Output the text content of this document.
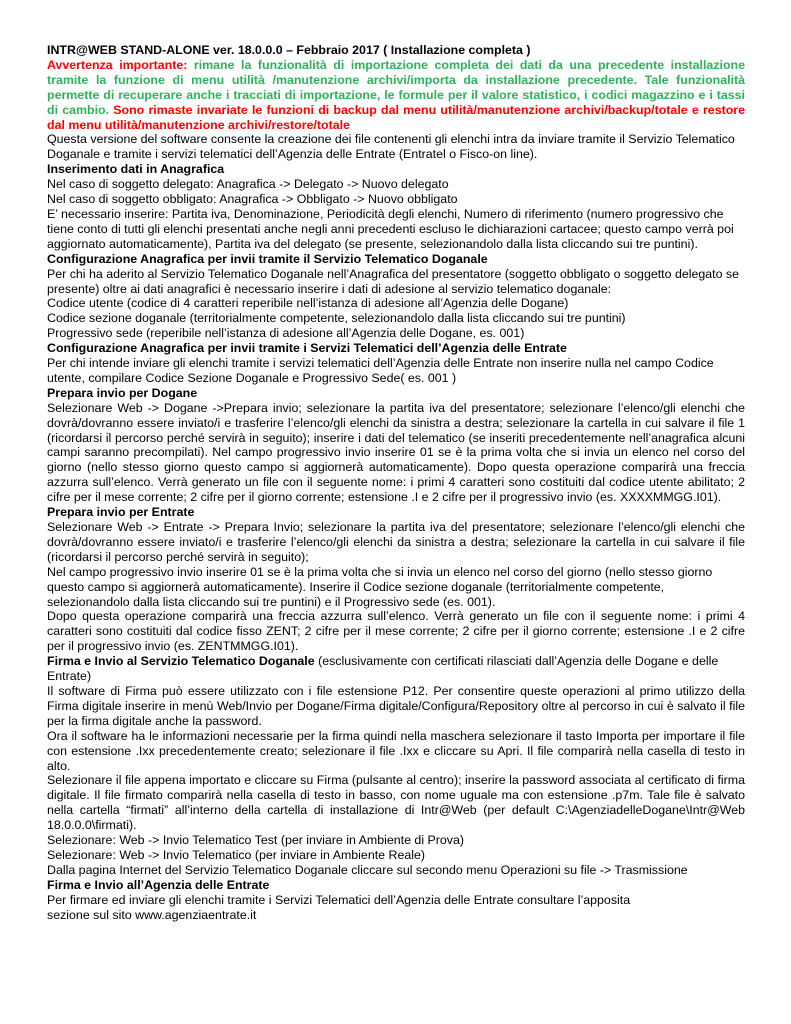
INTR@WEB STAND-ALONE ver. 18.0.0.0 – Febbraio 2017 ( Installazione completa )

Avvertenza importante: rimane la funzionalità di importazione completa dei dati da una precedente installazione tramite la funzione di menu utilità /manutenzione archivi/importa da installazione precedente. Tale funzionalità permette di recuperare anche i tracciati di importazione, le formule per il valore statistico, i codici magazzino e i tassi di cambio. Sono rimaste invariate le funzioni di backup dal menu utilità/manutenzione archivi/backup/totale e restore dal menu utilità/manutenzione archivi/restore/totale

Questa versione del software consente la creazione dei file contenenti gli elenchi intra da inviare tramite il Servizio Telematico Doganale e tramite i servizi telematici dell’Agenzia delle Entrate (Entratel o Fisco-on line).

Inserimento dati in Anagrafica

Nel caso di soggetto delegato: Anagrafica -> Delegato -> Nuovo delegato

Nel caso di soggetto obbligato: Anagrafica -> Obbligato -> Nuovo obbligato

E’ necessario inserire: Partita iva, Denominazione, Periodicità degli elenchi, Numero di riferimento (numero progressivo che tiene conto di tutti gli elenchi presentati anche negli anni precedenti escluso le dichiarazioni cartacee; questo campo verrà poi aggiornato automaticamente), Partita iva del delegato (se presente, selezionandolo dalla lista cliccando sui tre puntini).

Configurazione Anagrafica per invii tramite il Servizio Telematico Doganale

Per chi ha aderito al Servizio Telematico Doganale nell’Anagrafica del presentatore (soggetto obbligato o soggetto delegato se presente) oltre ai dati anagrafici è necessario inserire i dati di adesione al servizio telematico doganale:

Codice utente (codice di 4 caratteri reperibile nell’istanza di adesione all’Agenzia delle Dogane)

Codice sezione doganale (territorialmente competente, selezionandolo dalla lista cliccando sui tre puntini)

Progressivo sede (reperibile nell’istanza di adesione all’Agenzia delle Dogane, es. 001)

Configurazione Anagrafica per invii tramite i Servizi Telematici dell’Agenzia delle Entrate

Per chi intende inviare gli elenchi tramite i servizi telematici dell’Agenzia delle Entrate non inserire nulla nel campo Codice utente, compilare Codice Sezione Doganale e Progressivo Sede( es. 001 )

Prepara invio per Dogane

Selezionare Web -> Dogane ->Prepara invio; selezionare la partita iva del presentatore; selezionare l’elenco/gli elenchi che dovrà/dovranno essere inviato/i e trasferire l’elenco/gli elenchi da sinistra a destra; selezionare la cartella in cui salvare il file 1 (ricordarsi il percorso perché servirà in seguito); inserire i dati del telematico (se inseriti precedentemente nell’anagrafica alcuni campi saranno precompilati). Nel campo progressivo invio inserire 01 se è la prima volta che si invia un elenco nel corso del giorno (nello stesso giorno questo campo si aggiornerà automaticamente). Dopo questa operazione comparirà una freccia azzurra sull’elenco. Verrà generato un file con il seguente nome: i primi 4 caratteri sono costituiti dal codice utente abilitato; 2 cifre per il mese corrente; 2 cifre per il giorno corrente; estensione .I e 2 cifre per il progressivo invio (es. XXXXMMGG.I01).

Prepara invio per Entrate

Selezionare Web -> Entrate -> Prepara Invio; selezionare la partita iva del presentatore; selezionare l’elenco/gli elenchi che dovrà/dovranno essere inviato/i e trasferire l’elenco/gli elenchi da sinistra a destra; selezionare la cartella in cui salvare il file (ricordarsi il percorso perché servirà in seguito);

Nel campo progressivo invio inserire 01 se è la prima volta che si invia un elenco nel corso del giorno (nello stesso giorno questo campo si aggiornerà automaticamente). Inserire il Codice sezione doganale (territorialmente competente, selezionandolo dalla lista cliccando sui tre puntini) e il Progressivo sede (es. 001).

Dopo questa operazione comparirà una freccia azzurra sull’elenco. Verrà generato un file con il seguente nome: i primi 4 caratteri sono costituiti dal codice fisso ZENT; 2 cifre per il mese corrente; 2 cifre per il giorno corrente; estensione .I e 2 cifre per il progressivo invio (es. ZENTMMGG.I01).

Firma e Invio al Servizio Telematico Doganale (esclusivamente con certificati rilasciati dall’Agenzia delle Dogane e delle Entrate)

Il software di Firma può essere utilizzato con i file estensione P12. Per consentire queste operazioni al primo utilizzo della Firma digitale inserire in menù Web/Invio per Dogane/Firma digitale/Configura/Repository oltre al percorso in cui è salvato il file per la firma digitale anche la password.

Ora il software ha le informazioni necessarie per la firma quindi nella maschera selezionare il tasto Importa per importare il file con estensione .Ixx precedentemente creato; selezionare il file .Ixx e cliccare su Apri. Il file comparirà nella casella di testo in alto.

Selezionare il file appena importato e cliccare su Firma (pulsante al centro); inserire la password associata al certificato di firma digitale. Il file firmato comparirà nella casella di testo in basso, con nome uguale ma con estensione .p7m. Tale file è salvato nella cartella “firmati” all’interno della cartella di installazione di Intr@Web (per default C:\AgenziadelleDogane\Intr@Web 18.0.0.0\firmati).

Selezionare: Web -> Invio Telematico Test (per inviare in Ambiente di Prova)

Selezionare: Web -> Invio Telematico (per inviare in Ambiente Reale)

Dalla pagina Internet del Servizio Telematico Doganale cliccare sul secondo menu Operazioni su file -> Trasmissione

Firma e Invio all’Agenzia delle Entrate

Per firmare ed inviare gli elenchi tramite i Servizi Telematici dell’Agenzia delle Entrate consultare l’apposita

sezione sul sito www.agenziaentrate.it
